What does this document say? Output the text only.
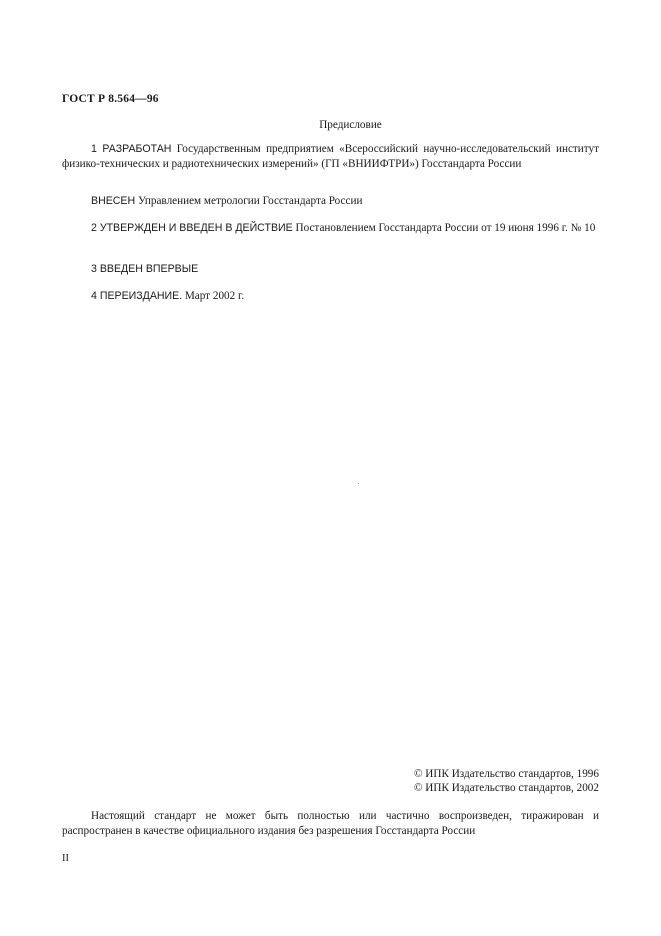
ГОСТ Р 8.564—96
Предисловие

1 РАЗРАБОТАН Государственным предприятием «Всероссийский научно-исследовательский институт физико-технических и радиотехнических измерений» (ГП «ВНИИФТРИ») Госстандарта России

ВНЕСЕН Управлением метрологии Госстандарта России

2 УТВЕРЖДЕН И ВВЕДЕН В ДЕЙСТВИЕ Постановлением Госстандарта России от 19 июня 1996 г. № 10

3 ВВЕДЕН ВПЕРВЫЕ

4 ПЕРЕИЗДАНИЕ. Март 2002 г.

© ИПК Издательство стандартов, 1996
© ИПК Издательство стандартов, 2002

Настоящий стандарт не может быть полностью или частично воспроизведен, тиражирован и распространен в качестве официального издания без разрешения Госстандарта России

II
